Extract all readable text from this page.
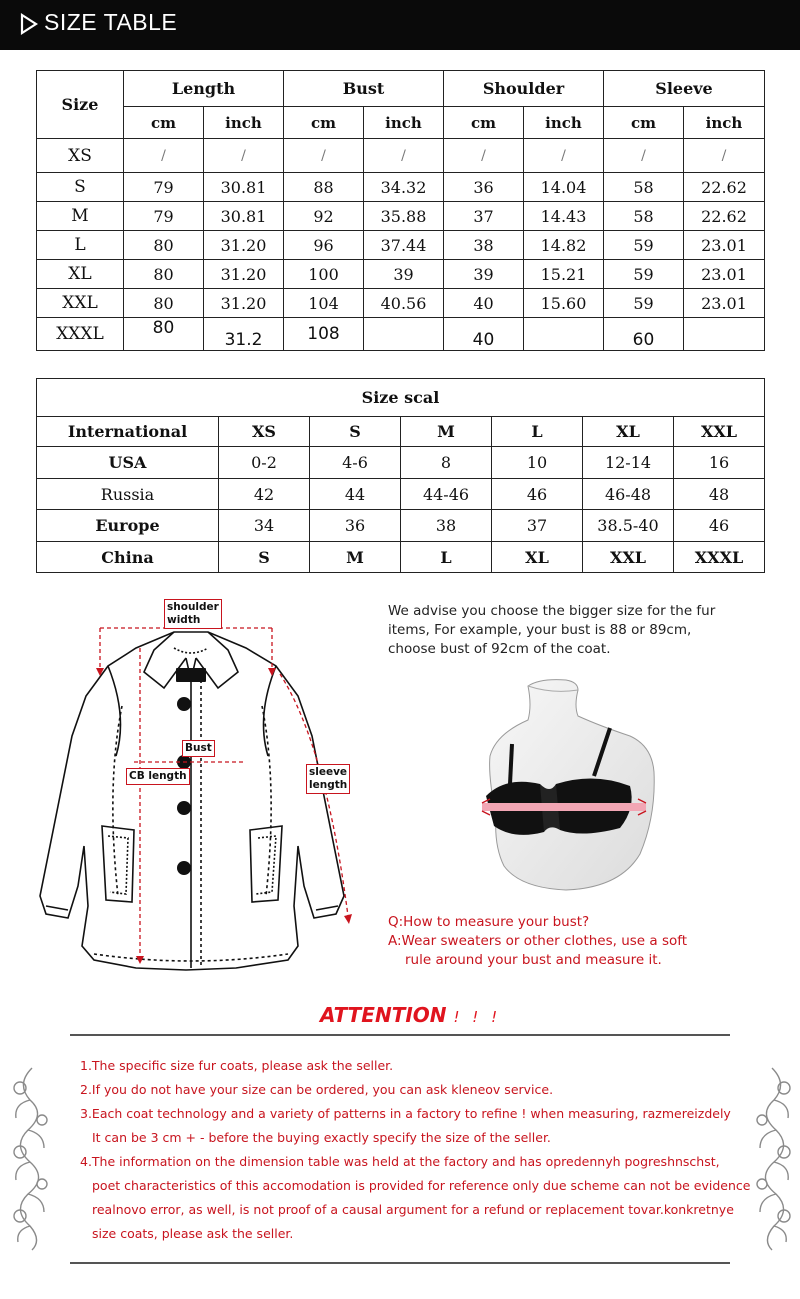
SIZE TABLE
Size	Length		Bust		Shoulder		Sleeve	
	cm	inch	cm	inch	cm	inch	cm	inch
XS	/	/	/	/	/	/	/	/
S	79	30.81	88	34.32	36	14.04	58	22.62
M	79	30.81	92	35.88	37	14.43	58	22.62
L	80	31.20	96	37.44	38	14.82	59	23.01
XL	80	31.20	100	39	39	15.21	59	23.01
XXL	80	31.20	104	40.56	40	15.60	59	23.01
XXXL	80	31.2	108		40		60	
Size scal						
International	XS	S	M	L	XL	XXL
USA	0-2	4-6	8	10	12-14	16
Russia	42	44	44-46	46	46-48	48
Europe	34	36	38	37	38.5-40	46
China	S	M	L	XL	XXL	XXXL
shoulder
width
Bust
CB length	sleeve
length
We advise you choose the bigger size for the fur
items, For example, your bust is 88 or 89cm,
choose bust of 92cm of the coat.
Q:How to measure your bust?
A:Wear sweaters or other clothes, use a soft
rule around your bust and measure it.
ATTENTION ! ! !
1.The specific size fur coats, please ask the seller.
2.If you do not have your size can be ordered, you can ask kleneov service.
3.Each coat technology and a variety of patterns in a factory to refine ! when measuring, razmereizdely
It can be 3 cm + - before the buying exactly specify the size of the seller.
4.The information on the dimension table was held at the factory and has opredennyh pogreshnschst,
poet characteristics of this accomodation is provided for reference only due scheme can not be evidence
realnovo error, as well, is not proof of a causal argument for a refund or replacement tovar.konkretnye
size coats, please ask the seller.
